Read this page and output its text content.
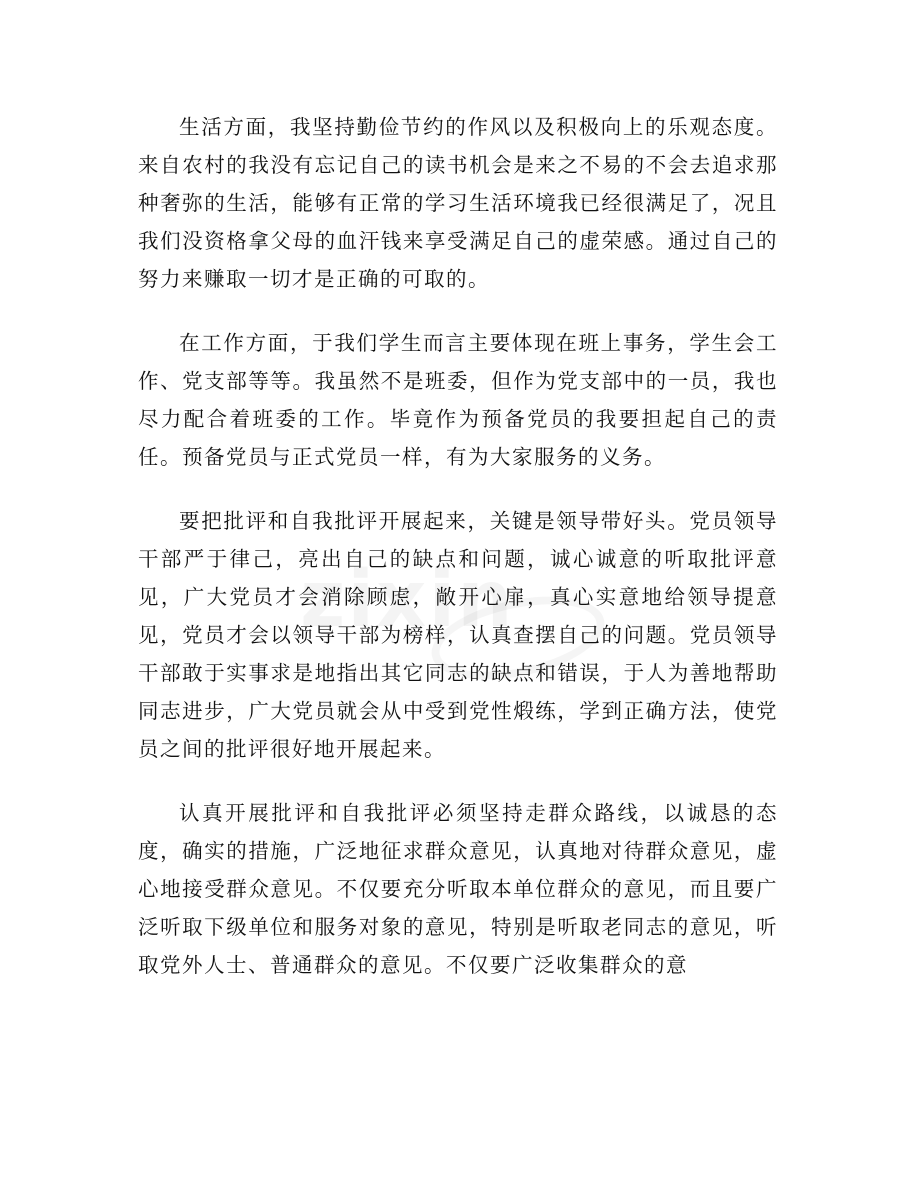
生活方面，我坚持勤俭节约的作风以及积极向上的乐观态度。来自农村的我没有忘记自己的读书机会是来之不易的不会去追求那种奢弥的生活，能够有正常的学习生活环境我已经很满足了，况且我们没资格拿父母的血汗钱来享受满足自己的虚荣感。通过自己的努力来赚取一切才是正确的可取的。

在工作方面，于我们学生而言主要体现在班上事务，学生会工作、党支部等等。我虽然不是班委，但作为党支部中的一员，我也尽力配合着班委的工作。毕竟作为预备党员的我要担起自己的责任。预备党员与正式党员一样，有为大家服务的义务。

要把批评和自我批评开展起来，关键是领导带好头。党员领导干部严于律己，亮出自己的缺点和问题，诚心诚意的听取批评意见，广大党员才会消除顾虑，敞开心扉，真心实意地给领导提意见，党员才会以领导干部为榜样，认真查摆自己的问题。党员领导干部敢于实事求是地指出其它同志的缺点和错误，于人为善地帮助同志进步，广大党员就会从中受到党性煅练，学到正确方法，使党员之间的批评很好地开展起来。

认真开展批评和自我批评必须坚持走群众路线，以诚恳的态度，确实的措施，广泛地征求群众意见，认真地对待群众意见，虚心地接受群众意见。不仅要充分听取本单位群众的意见，而且要广泛听取下级单位和服务对象的意见，特别是听取老同志的意见，听取党外人士、普通群众的意见。不仅要广泛收集群众的意
